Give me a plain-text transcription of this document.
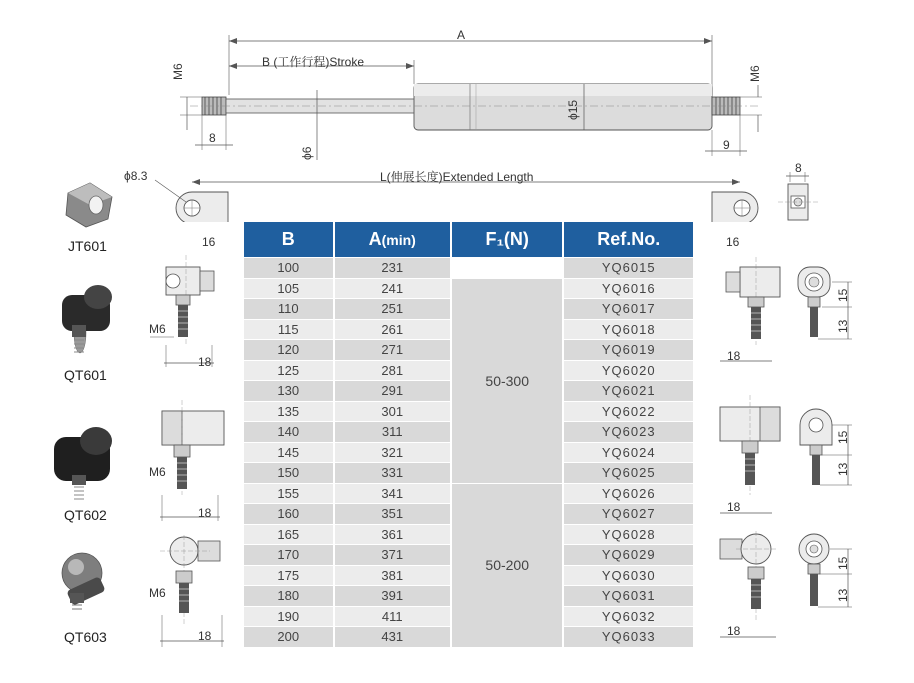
A
B (工作行程)Stroke
L(伸展长度)Extended Length
M6	M6
ϕ15
ϕ6
ϕ8.3
8	9
16	16
8
JT601
QT601
QT602
QT603
M6
18
M6
18
M6
18
18
15
13
18
15
13
18
15
13
B	A(min)	F₁(N)	Ref.No.
100	231		YQ6015
105	241	50-300	YQ6016
110	251		YQ6017
115	261		YQ6018
120	271		YQ6019
125	281		YQ6020
130	291		YQ6021
135	301		YQ6022
140	311		YQ6023
145	321		YQ6024
150	331		YQ6025
155	341	50-200	YQ6026
160	351		YQ6027
165	361		YQ6028
170	371		YQ6029
175	381		YQ6030
180	391		YQ6031
190	411		YQ6032
200	431		YQ6033
